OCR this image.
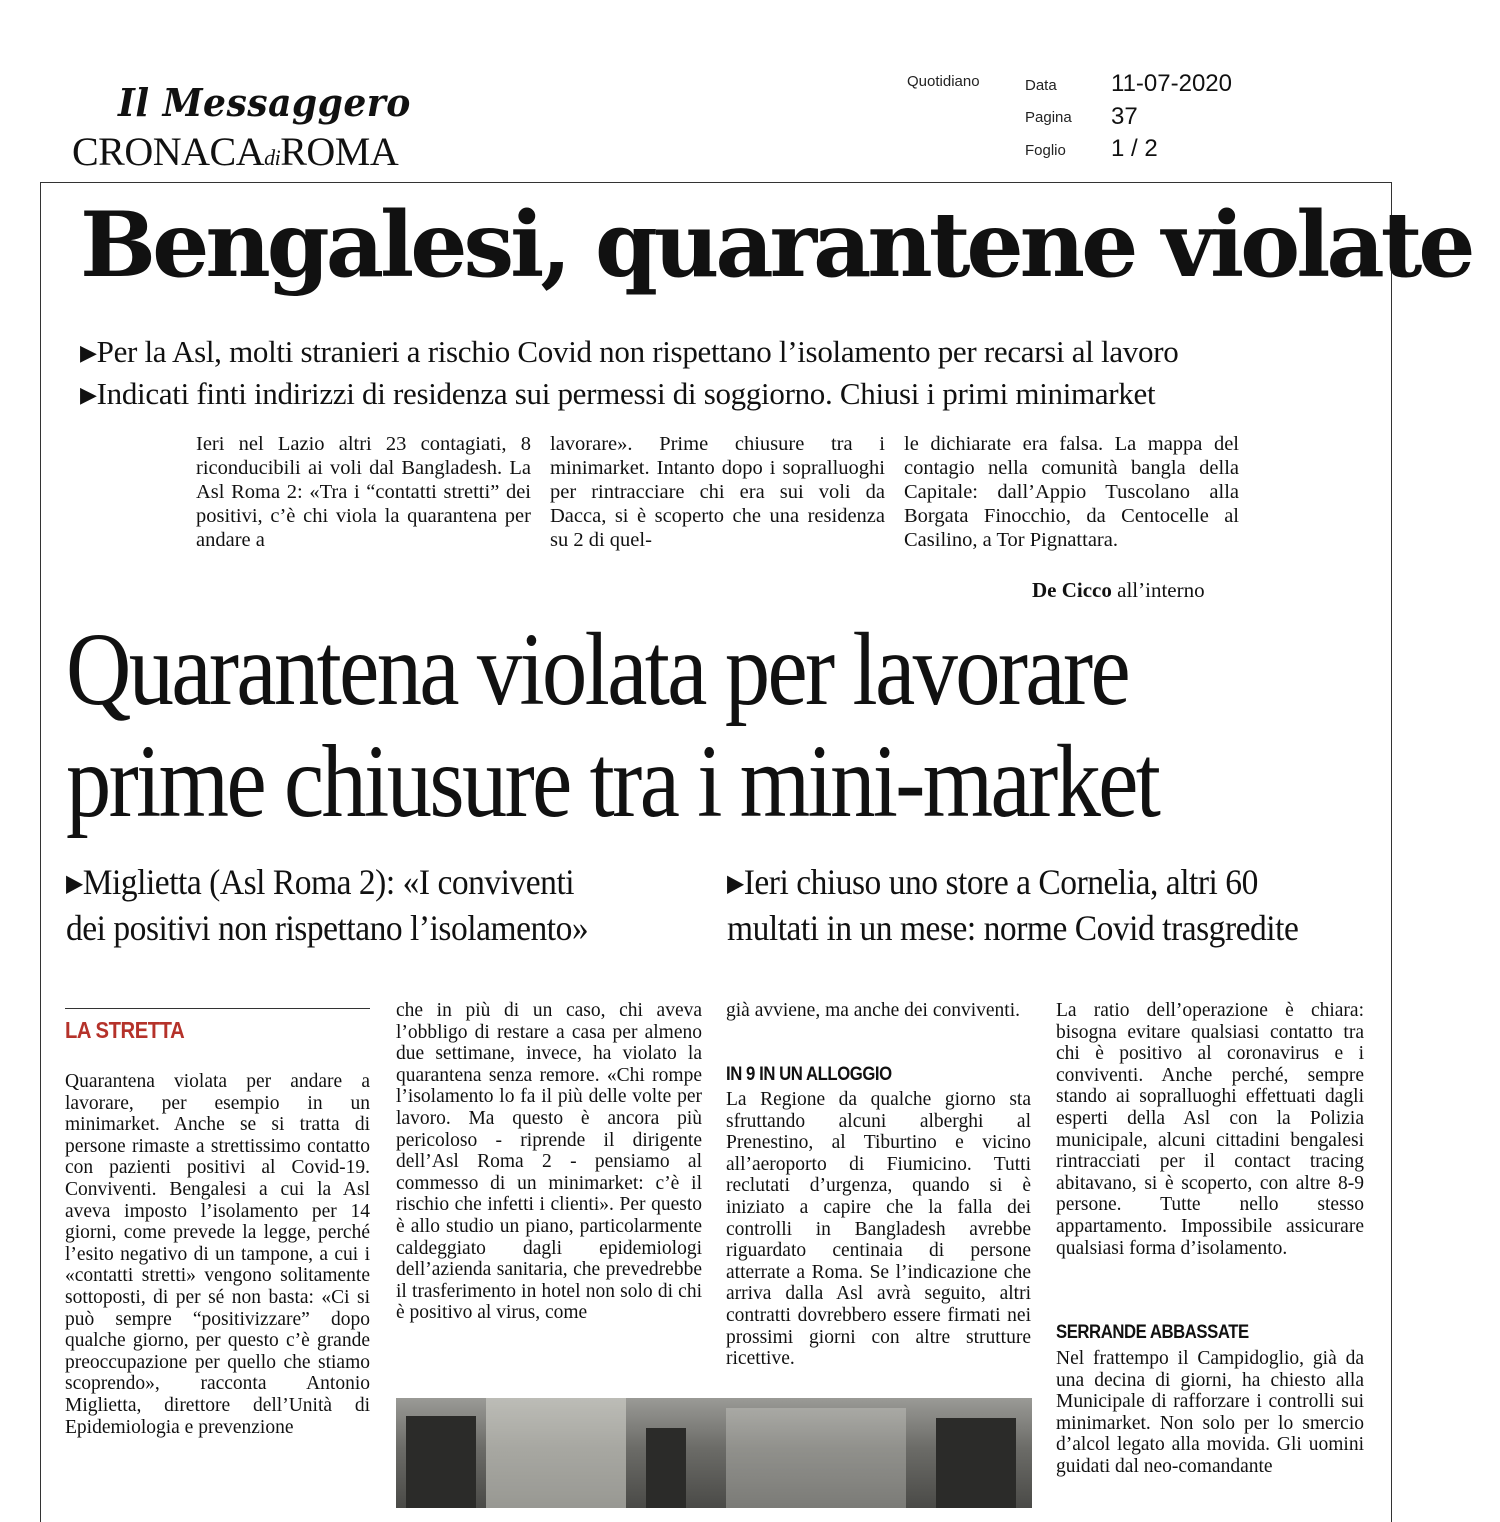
Il Messaggero
CRONACAdiROMA
Quotidiano	Data 11-07-2020
Pagina 37
Foglio 1 / 2
Bengalesi, quarantene violate
▶Per la Asl, molti stranieri a rischio Covid non rispettano l’isolamento per recarsi al lavoro
▶Indicati finti indirizzi di residenza sui permessi di soggiorno. Chiusi i primi minimarket
Ieri nel Lazio altri 23 contagiati, 8 riconducibili ai voli dal Bangladesh. La Asl Roma 2: «Tra i “contatti stretti” dei positivi, c’è chi viola la quarantena per andare a
lavorare». Prime chiusure tra i minimarket. Intanto dopo i sopralluoghi per rintracciare chi era sui voli da Dacca, si è scoperto che una residenza su 2 di quel-
le dichiarate era falsa. La mappa del contagio nella comunità bangla della Capitale: dall’Appio Tuscolano alla Borgata Finocchio, da Centocelle al Casilino, a Tor Pignattara.
De Cicco all’interno
Quarantena violata per lavorare
prime chiusure tra i mini-market
▶Miglietta (Asl Roma 2): «I conviventi
dei positivi non rispettano l’isolamento»
▶Ieri chiuso uno store a Cornelia, altri 60
multati in un mese: norme Covid trasgredite
LA STRETTA
Quarantena violata per andare a lavorare, per esempio in un minimarket. Anche se si tratta di persone rimaste a strettissimo contatto con pazienti positivi al Covid-19. Conviventi. Bengalesi a cui la Asl aveva imposto l’isolamento per 14 giorni, come prevede la legge, perché l’esito negativo di un tampone, a cui i «contatti stretti» vengono solitamente sottoposti, di per sé non basta: «Ci si può sempre “positivizzare” dopo qualche giorno, per questo c’è grande preoccupazione per quello che stiamo scoprendo», racconta Antonio Miglietta, direttore dell’Unità di Epidemiologia e prevenzione
che in più di un caso, chi aveva l’obbligo di restare a casa per almeno due settimane, invece, ha violato la quarantena senza remore. «Chi rompe l’isolamento lo fa il più delle volte per lavoro. Ma questo è ancora più pericoloso - riprende il dirigente dell’Asl Roma 2 - pensiamo al commesso di un minimarket: c’è il rischio che infetti i clienti». Per questo è allo studio un piano, particolarmente caldeggiato dagli epidemiologi dell’azienda sanitaria, che prevedrebbe il trasferimento in hotel non solo di chi è positivo al virus, come
già avviene, ma anche dei conviventi.
IN 9 IN UN ALLOGGIO
La Regione da qualche giorno sta sfruttando alcuni alberghi al Prenestino, al Tiburtino e vicino all’aeroporto di Fiumicino. Tutti reclutati d’urgenza, quando si è iniziato a capire che la falla dei controlli in Bangladesh avrebbe riguardato centinaia di persone atterrate a Roma. Se l’indicazione che arriva dalla Asl avrà seguito, altri contratti dovrebbero essere firmati nei prossimi giorni con altre strutture ricettive.
La ratio dell’operazione è chiara: bisogna evitare qualsiasi contatto tra chi è positivo al coronavirus e i conviventi. Anche perché, sempre stando ai sopralluoghi effettuati dagli esperti della Asl con la Polizia municipale, alcuni cittadini bengalesi rintracciati per il contact tracing abitavano, si è scoperto, con altre 8-9 persone. Tutte nello stesso appartamento. Impossibile assicurare qualsiasi forma d’isolamento.
SERRANDE ABBASSATE
Nel frattempo il Campidoglio, già da una decina di giorni, ha chiesto alla Municipale di rafforzare i controlli sui minimarket. Non solo per lo smercio d’alcol legato alla movida. Gli uomini guidati dal neo-comandante
